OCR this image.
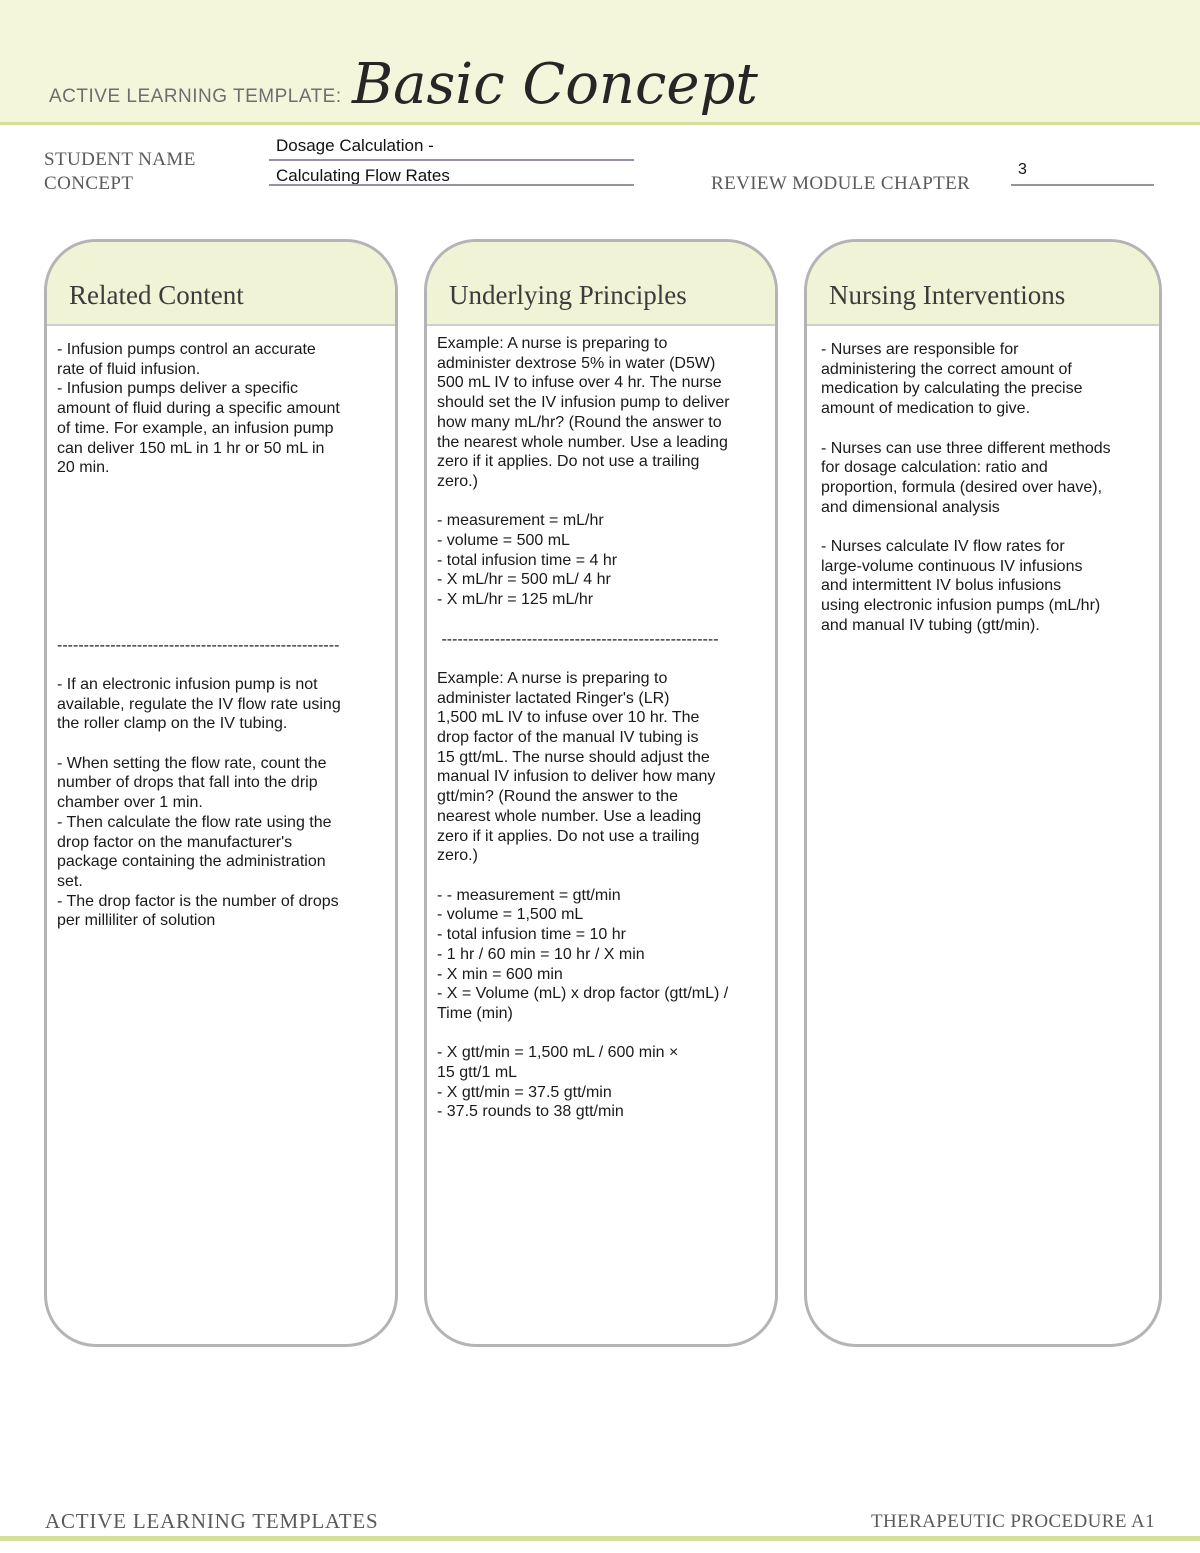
ACTIVE LEARNING TEMPLATE: Basic Concept
STUDENT NAME
CONCEPT
Dosage Calculation -
Calculating Flow Rates	REVIEW MODULE CHAPTER
3
Related Content
- Infusion pumps control an accurate
rate of fluid infusion.
- Infusion pumps deliver a specific
amount of fluid during a specific amount
of time. For example, an infusion pump
can deliver 150 mL in 1 hr or 50 mL in
20 min.

-----------------------------------------------------

- If an electronic infusion pump is not
available, regulate the IV flow rate using
the roller clamp on the IV tubing.

- When setting the flow rate, count the
number of drops that fall into the drip
chamber over 1 min.
- Then calculate the flow rate using the
drop factor on the manufacturer's
package containing the administration
set.
- The drop factor is the number of drops
per milliliter of solution
Underlying Principles
Example: A nurse is preparing to
administer dextrose 5% in water (D5W)
500 mL IV to infuse over 4 hr. The nurse
should set the IV infusion pump to deliver
how many mL/hr? (Round the answer to
the nearest whole number. Use a leading
zero if it applies. Do not use a trailing
zero.)

- measurement = mL/hr
- volume = 500 mL
- total infusion time = 4 hr
- X mL/hr = 500 mL/ 4 hr
- X mL/hr = 125 mL/hr

----------------------------------------------------

Example: A nurse is preparing to
administer lactated Ringer's (LR)
1,500 mL IV to infuse over 10 hr. The
drop factor of the manual IV tubing is
15 gtt/mL. The nurse should adjust the
manual IV infusion to deliver how many
gtt/min? (Round the answer to the
nearest whole number. Use a leading
zero if it applies. Do not use a trailing
zero.)

- - measurement = gtt/min
- volume = 1,500 mL
- total infusion time = 10 hr
- 1 hr / 60 min = 10 hr / X min
- X min = 600 min
- X = Volume (mL) x drop factor (gtt/mL) /
Time (min)

- X gtt/min = 1,500 mL / 600 min ×
15 gtt/1 mL
- X gtt/min = 37.5 gtt/min
- 37.5 rounds to 38 gtt/min
Nursing Interventions
- Nurses are responsible for
administering the correct amount of
medication by calculating the precise
amount of medication to give.

- Nurses can use three different methods
for dosage calculation: ratio and
proportion, formula (desired over have),
and dimensional analysis

- Nurses calculate IV flow rates for
large-volume continuous IV infusions
and intermittent IV bolus infusions
using electronic infusion pumps (mL/hr)
and manual IV tubing (gtt/min).
ACTIVE LEARNING TEMPLATES	THERAPEUTIC PROCEDURE A1
